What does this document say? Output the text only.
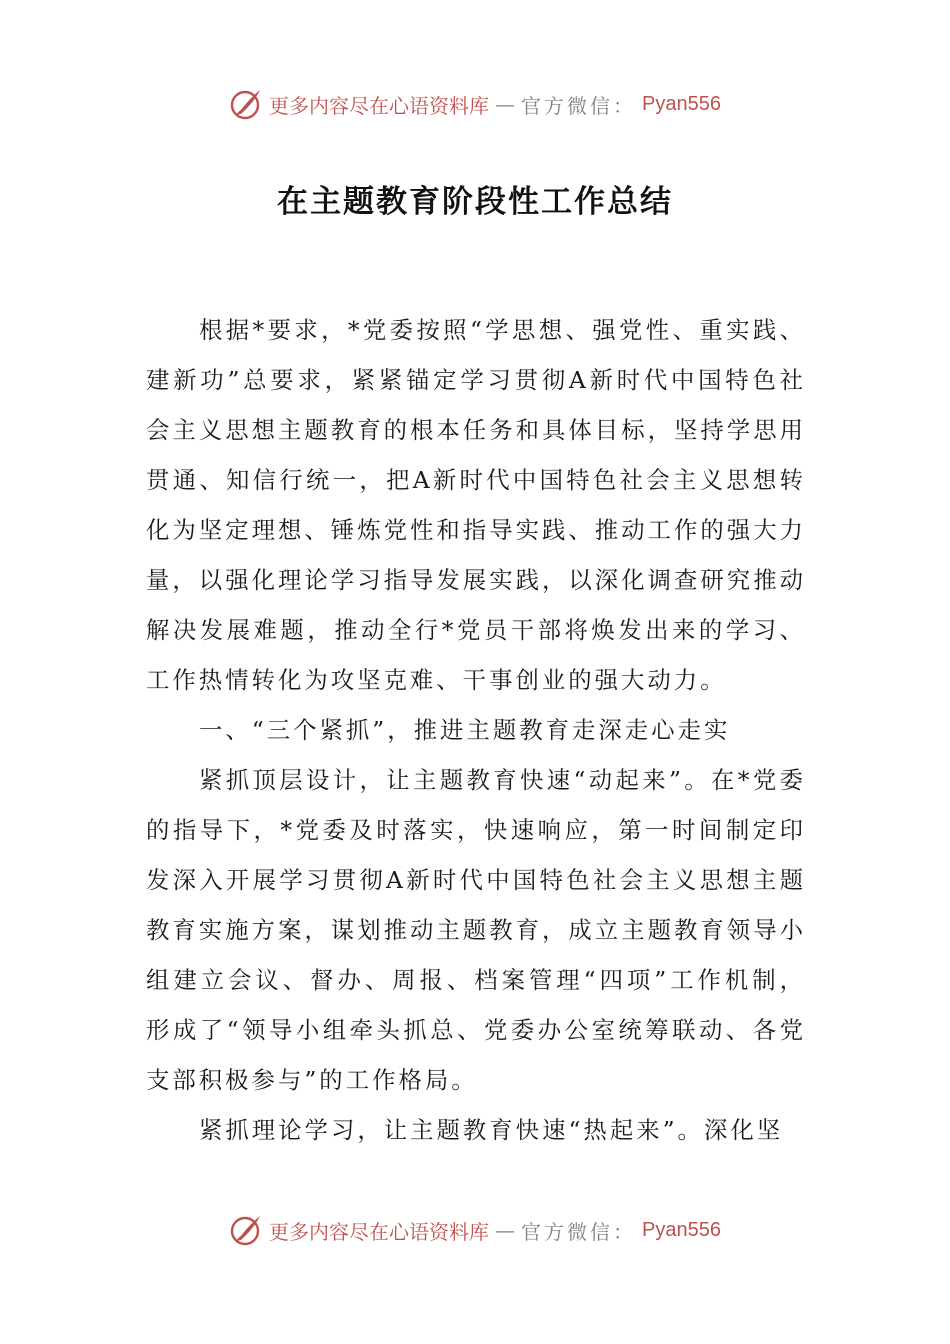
更多内容尽在心语资料库 — 官方微信： Pyan556
在主题教育阶段性工作总结

根据*要求，*党委按照“学思想、强党性、重实践、建新功”总要求，紧紧锚定学习贯彻A新时代中国特色社会主义思想主题教育的根本任务和具体目标，坚持学思用贯通、知信行统一，把A新时代中国特色社会主义思想转化为坚定理想、锤炼党性和指导实践、推动工作的强大力量，以强化理论学习指导发展实践，以深化调查研究推动解决发展难题，推动全行*党员干部将焕发出来的学习、工作热情转化为攻坚克难、干事创业的强大动力。

一、“三个紧抓”，推进主题教育走深走心走实

紧抓顶层设计，让主题教育快速“动起来”。在*党委的指导下，*党委及时落实，快速响应，第一时间制定印发深入开展学习贯彻A新时代中国特色社会主义思想主题教育实施方案，谋划推动主题教育，成立主题教育领导小组建立会议、督办、周报、档案管理“四项”工作机制，形成了“领导小组牵头抓总、党委办公室统筹联动、各党支部积极参与”的工作格局。

紧抓理论学习，让主题教育快速“热起来”。深化坚

更多内容尽在心语资料库 — 官方微信： Pyan556
